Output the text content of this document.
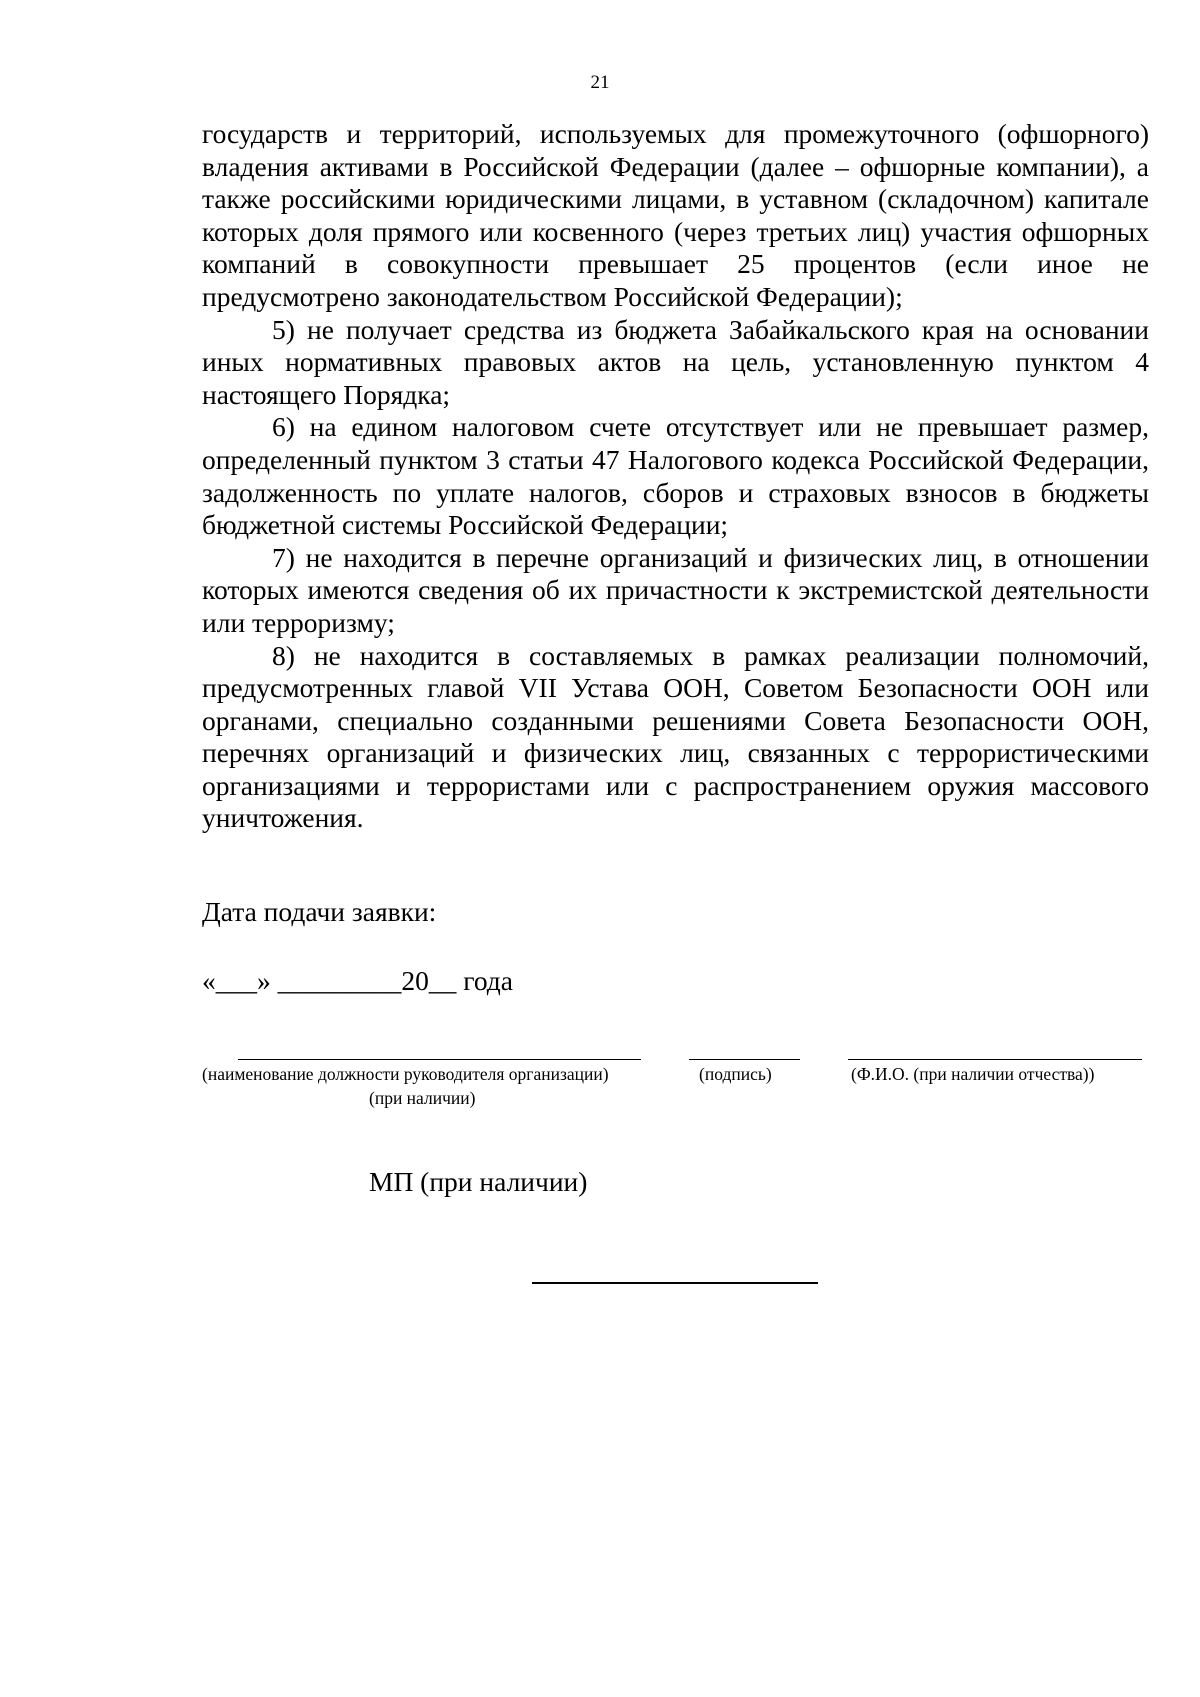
21

государств и территорий, используемых для промежуточного (офшорного) владения активами в Российской Федерации (далее – офшорные компании), а также российскими юридическими лицами, в уставном (складочном) капитале которых доля прямого или косвенного (через третьих лиц) участия офшорных компаний в совокупности превышает 25 процентов (если иное не предусмотрено законодательством Российской Федерации);

5) не получает средства из бюджета Забайкальского края на основании иных нормативных правовых актов на цель, установленную пунктом 4 настоящего Порядка;

6) на едином налоговом счете отсутствует или не превышает размер, определенный пунктом 3 статьи 47 Налогового кодекса Российской Федерации, задолженность по уплате налогов, сборов и страховых взносов в бюджеты бюджетной системы Российской Федерации;

7) не находится в перечне организаций и физических лиц, в отношении которых имеются сведения об их причастности к экстремистской деятельности или терроризму;

8) не находится в составляемых в рамках реализации полномочий, предусмотренных главой VII Устава ООН, Советом Безопасности ООН или органами, специально созданными решениями Совета Безопасности ООН, перечнях организаций и физических лиц, связанных с террористическими организациями и террористами или с распространением оружия массового уничтожения.

Дата подачи заявки:
«___» _________20__ года
(наименование должности руководителя организации)
(при наличии)
(подпись)	(Ф.И.О. (при наличии отчества))
МП (при наличии)
